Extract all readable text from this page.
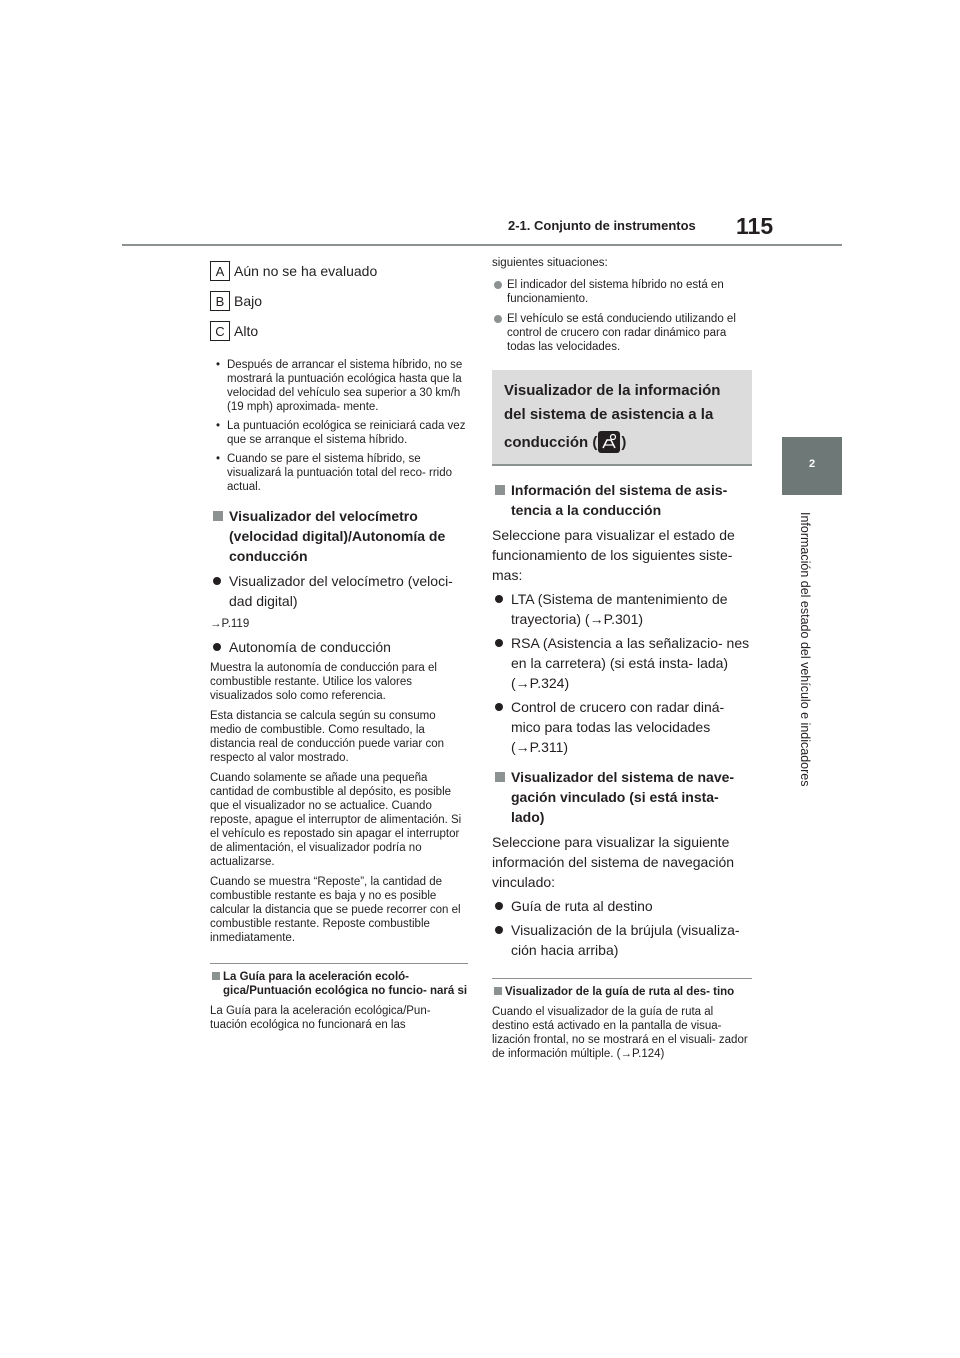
2-1. Conjunto de instrumentos 115
2
Información del estado del vehículo e indicadores
A Aún no se ha evaluado
B Bajo
C Alto
• Después de arrancar el sistema híbrido, no se mostrará la puntuación ecológica hasta que la velocidad del vehículo sea superior a 30 km/h (19 mph) aproximada- mente.
• La puntuación ecológica se reiniciará cada vez que se arranque el sistema híbrido.
• Cuando se pare el sistema híbrido, se visualizará la puntuación total del reco- rrido actual.
Visualizador del velocímetro (velocidad digital)/Autonomía de conducción
Visualizador del velocímetro (veloci- dad digital)
→P.119
Autonomía de conducción

Muestra la autonomía de conducción para el combustible restante. Utilice los valores visualizados solo como referencia.

Esta distancia se calcula según su consumo medio de combustible. Como resultado, la distancia real de conducción puede variar con respecto al valor mostrado.

Cuando solamente se añade una pequeña cantidad de combustible al depósito, es posible que el visualizador no se actualice. Cuando reposte, apague el interruptor de alimentación. Si el vehículo es repostado sin apagar el interruptor de alimentación, el visualizador podría no actualizarse.

Cuando se muestra “Reposte”, la cantidad de combustible restante es baja y no es posible calcular la distancia que se puede recorrer con el combustible restante. Reposte combustible inmediatamente.

La Guía para la aceleración ecoló- gica/Puntuación ecológica no funcio- nará si

La Guía para la aceleración ecológica/Pun- tuación ecológica no funcionará en las

siguientes situaciones:

El indicador del sistema híbrido no está en funcionamiento.
El vehículo se está conduciendo utilizando el control de crucero con radar dinámico para todas las velocidades.
Visualizador de la información
del sistema de asistencia a la
conducción ( )
Información del sistema de asis- tencia a la conducción

Seleccione para visualizar el estado de funcionamiento de los siguientes siste- mas:

LTA (Sistema de mantenimiento de trayectoria) (→P.301)
RSA (Asistencia a las señalizacio- nes en la carretera) (si está insta- lada) (→P.324)
Control de crucero con radar diná- mico para todas las velocidades (→P.311)
Visualizador del sistema de nave- gación vinculado (si está insta- lado)

Seleccione para visualizar la siguiente información del sistema de navegación vinculado:

Guía de ruta al destino
Visualización de la brújula (visualiza- ción hacia arriba)
Visualizador de la guía de ruta al des- tino

Cuando el visualizador de la guía de ruta al destino está activado en la pantalla de visua- lización frontal, no se mostrará en el visuali- zador de información múltiple. (→P.124)
